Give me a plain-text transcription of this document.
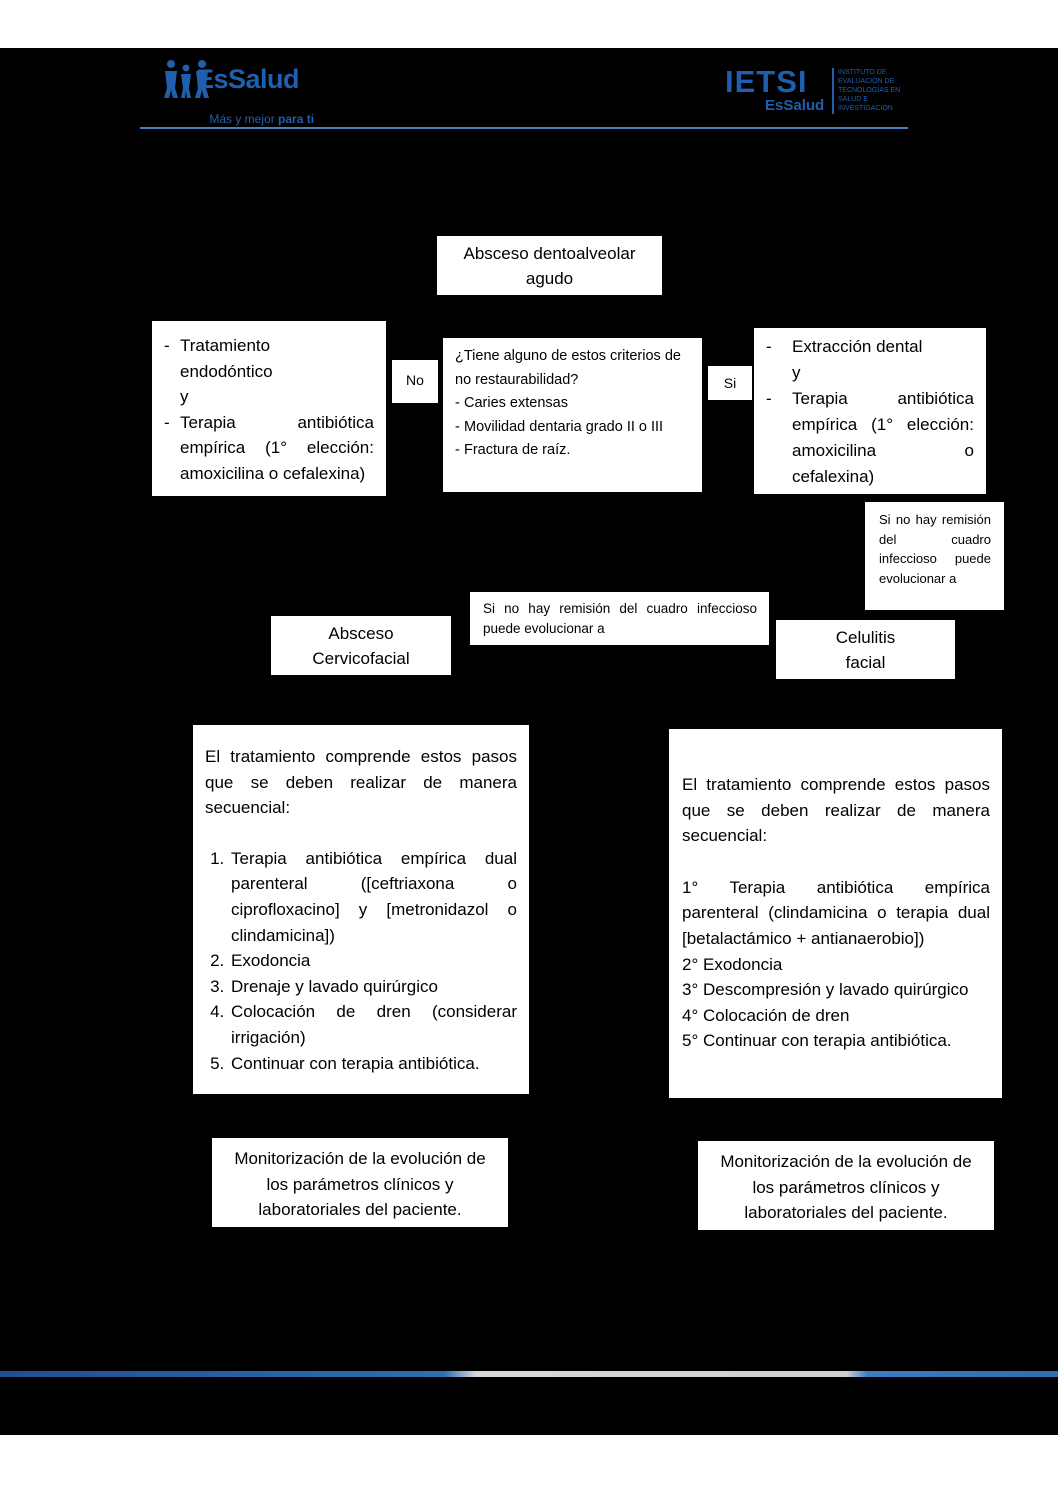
EsSalud

Más y mejor para ti

IETSI
EsSalud
INSTITUTO DE
EVALUACIÓN DE
TECNOLOGÍAS EN
SALUD E
INVESTIGACIÓN
Absceso dentoalveolar
agudo
- Tratamiento
endodóntico
y
- Terapia antibiótica empírica (1° elección: amoxicilina o cefalexina)
No
¿Tiene alguno de estos criterios de no restaurabilidad?
- Caries extensas
- Movilidad dentaria grado II o III
- Fractura de raíz.
Si
- Extracción dental
y
- Terapia antibiótica empírica (1° elección: amoxicilina o cefalexina)
Si no hay remisión del cuadro infeccioso puede evolucionar a
Si no hay remisión del cuadro infeccioso puede evolucionar a
Absceso
Cervicofacial
Celulitis
facial
El tratamiento comprende estos pasos que se deben realizar de manera secuencial:
1. Terapia antibiótica empírica dual parenteral ([ceftriaxona o ciprofloxacino] y [metronidazol o clindamicina])
2. Exodoncia
3. Drenaje y lavado quirúrgico
4. Colocación de dren (considerar irrigación)
5. Continuar con terapia antibiótica.
El tratamiento comprende estos pasos que se deben realizar de manera secuencial:
1° Terapia antibiótica empírica parenteral (clindamicina o terapia dual [betalactámico + antianaerobio])
2° Exodoncia
3° Descompresión y lavado quirúrgico
4° Colocación de dren
5° Continuar con terapia antibiótica.
Monitorización de la evolución de los parámetros clínicos y laboratoriales del paciente.
Monitorización de la evolución de los parámetros clínicos y laboratoriales del paciente.
